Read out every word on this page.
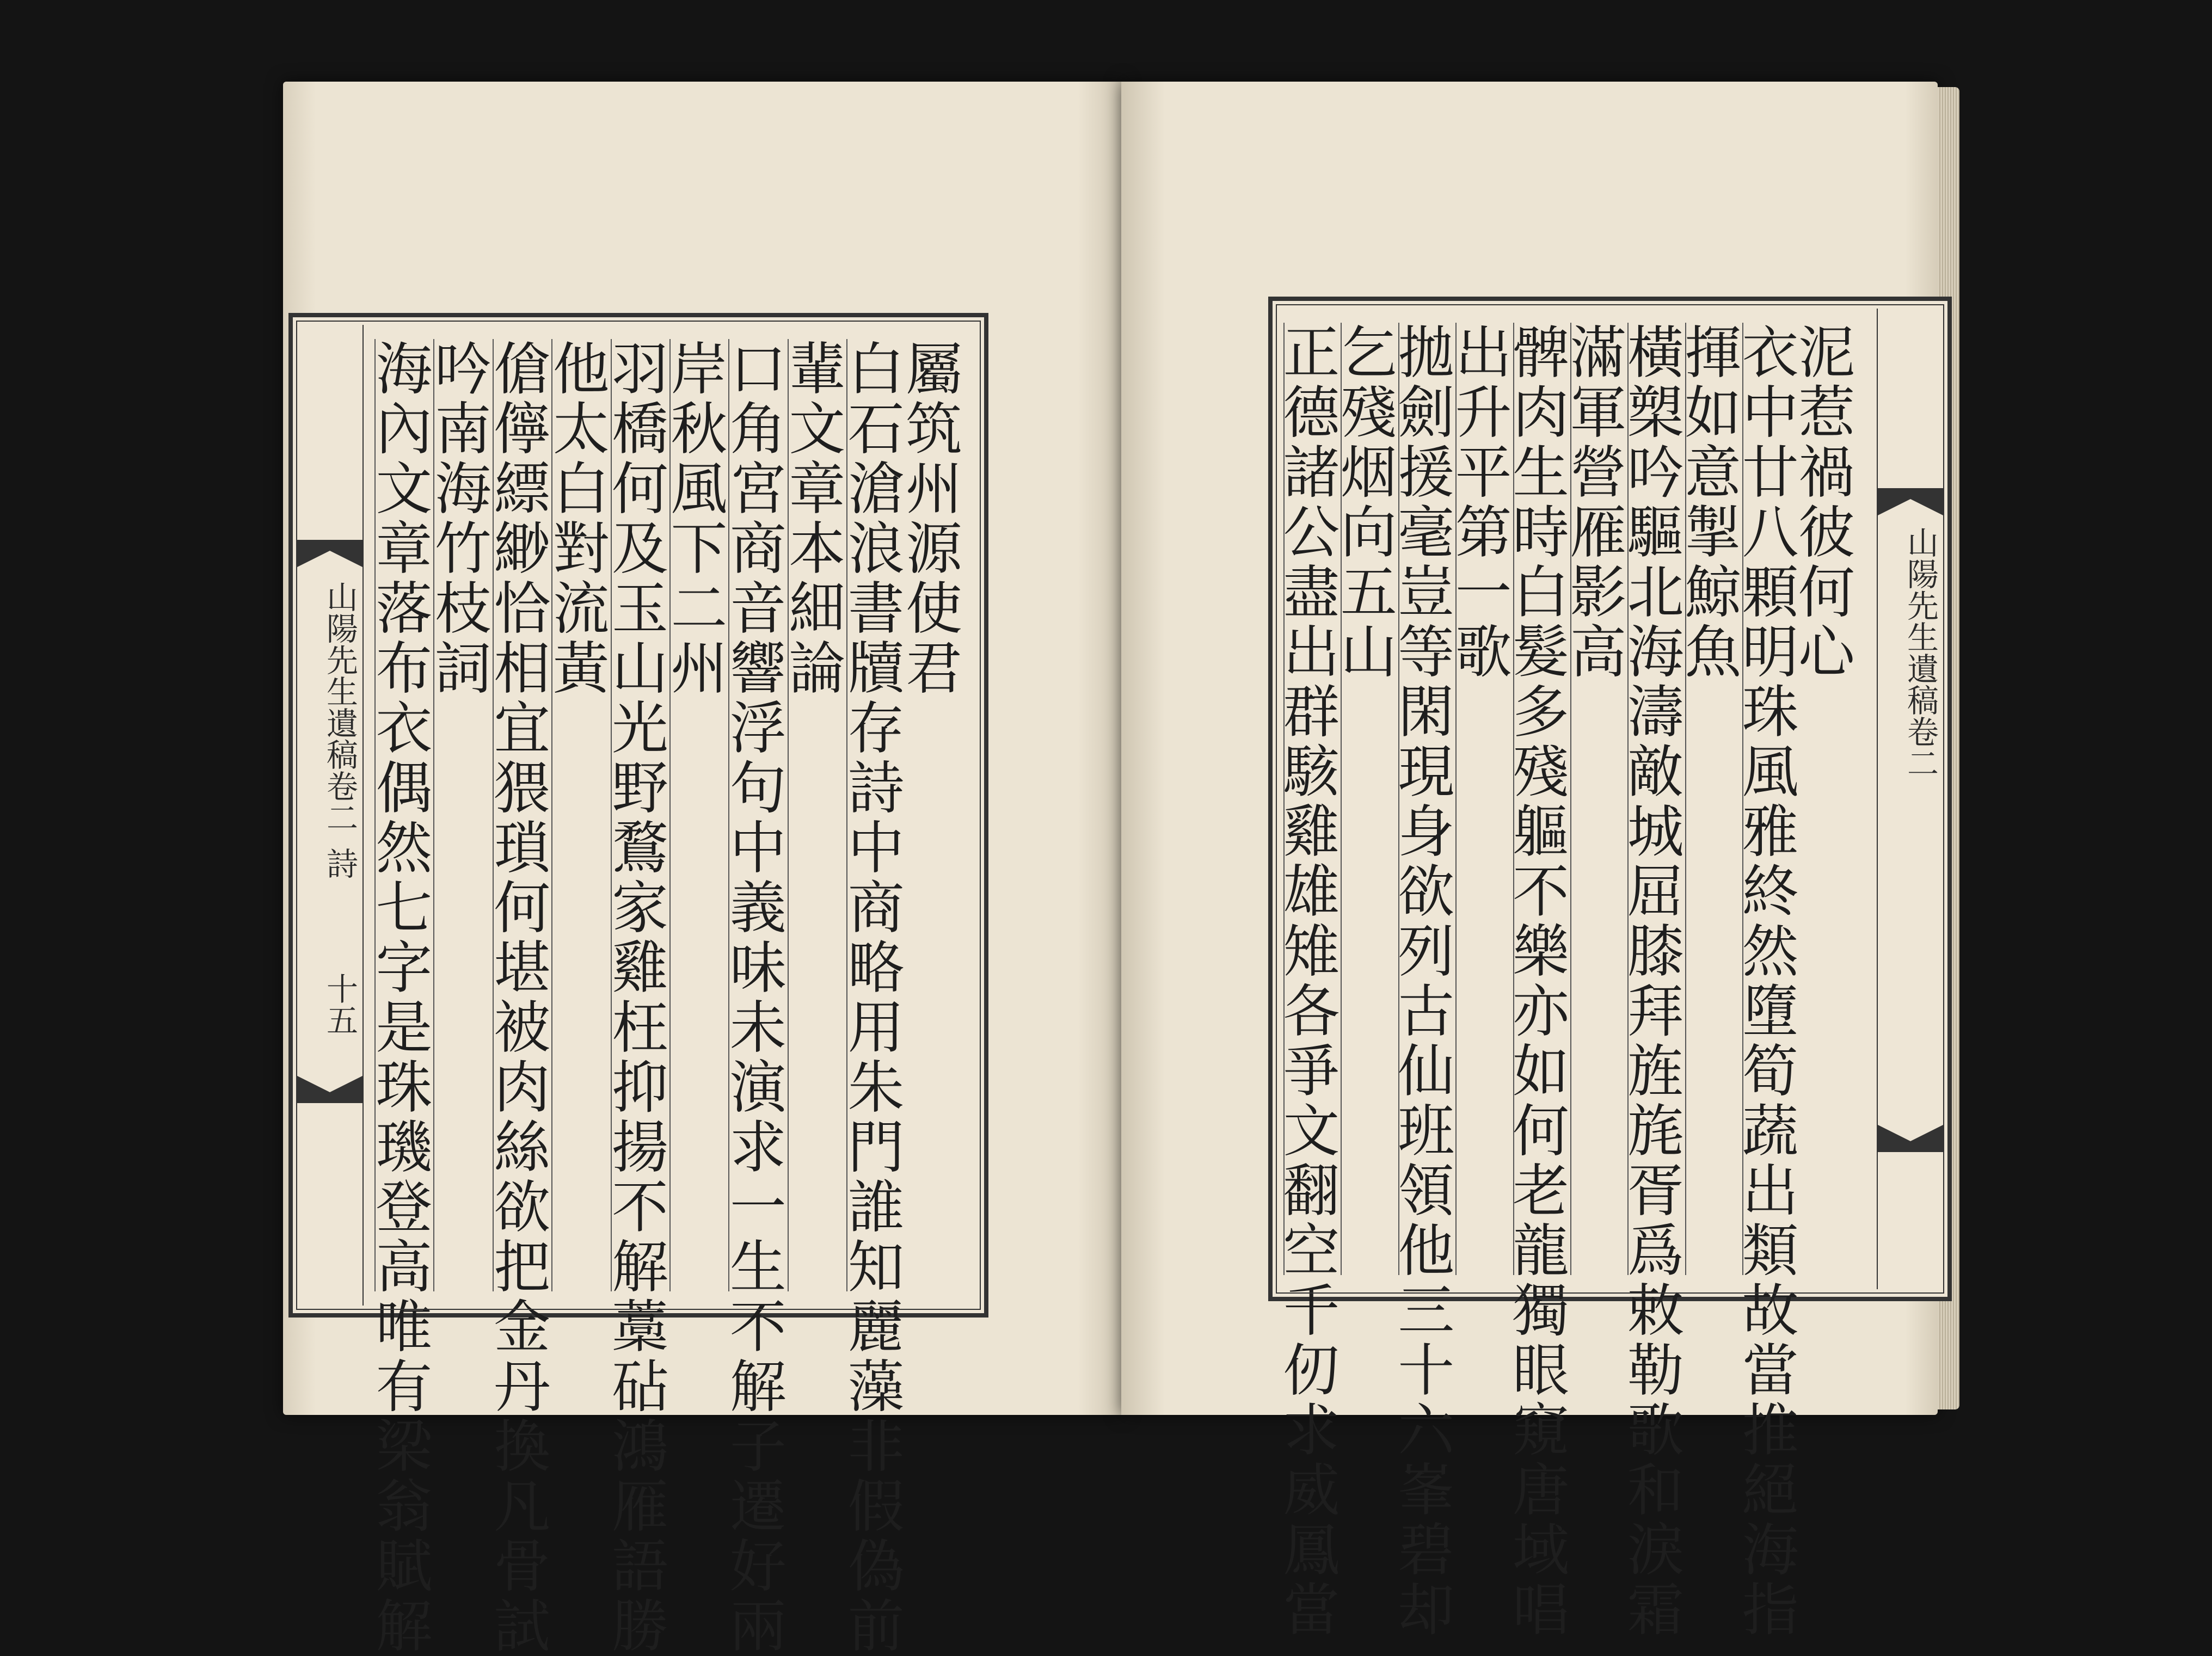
山陽先生遺稿卷二
詩
十五
屬筑州源使君
白石滄浪書牘存詩中商略用朱門誰知麗藻非假偽前
輩文章本細論
口角宮商音響浮句中義味未演求一生不解子遷好兩
岸秋風下二州
羽橋何及玉山光野鶩家雞枉抑揚不解藁砧鴻雁語勝
他太白對流黃
傖儜縹緲恰相宜猥瑣何堪被肉絲欲把金丹換凡骨試
吟南海竹枝詞
海內文章落布衣偶然七字是珠璣登高唯有梁翁賦解	泥惹禍彼何心
衣中廿八顆明珠風雅終然墮筍蔬出類故當推絕海指
揮如意掣鯨魚
橫槊吟驅北海濤敵城屈膝拜旌旄胥爲敕勒歌和淚霜
滿軍營雁影高
髀肉生時白髮多殘軀不樂亦如何老龍獨眼窺唐域唱
出升平第一歌
拋劍援毫豈等閑現身欲列古仙班領他三十六峯碧却
乞殘烟向五山
正德諸公盡出群駭雞雄雉各爭文翻空千仞求威鳳當	山陽先生遺稿卷二
